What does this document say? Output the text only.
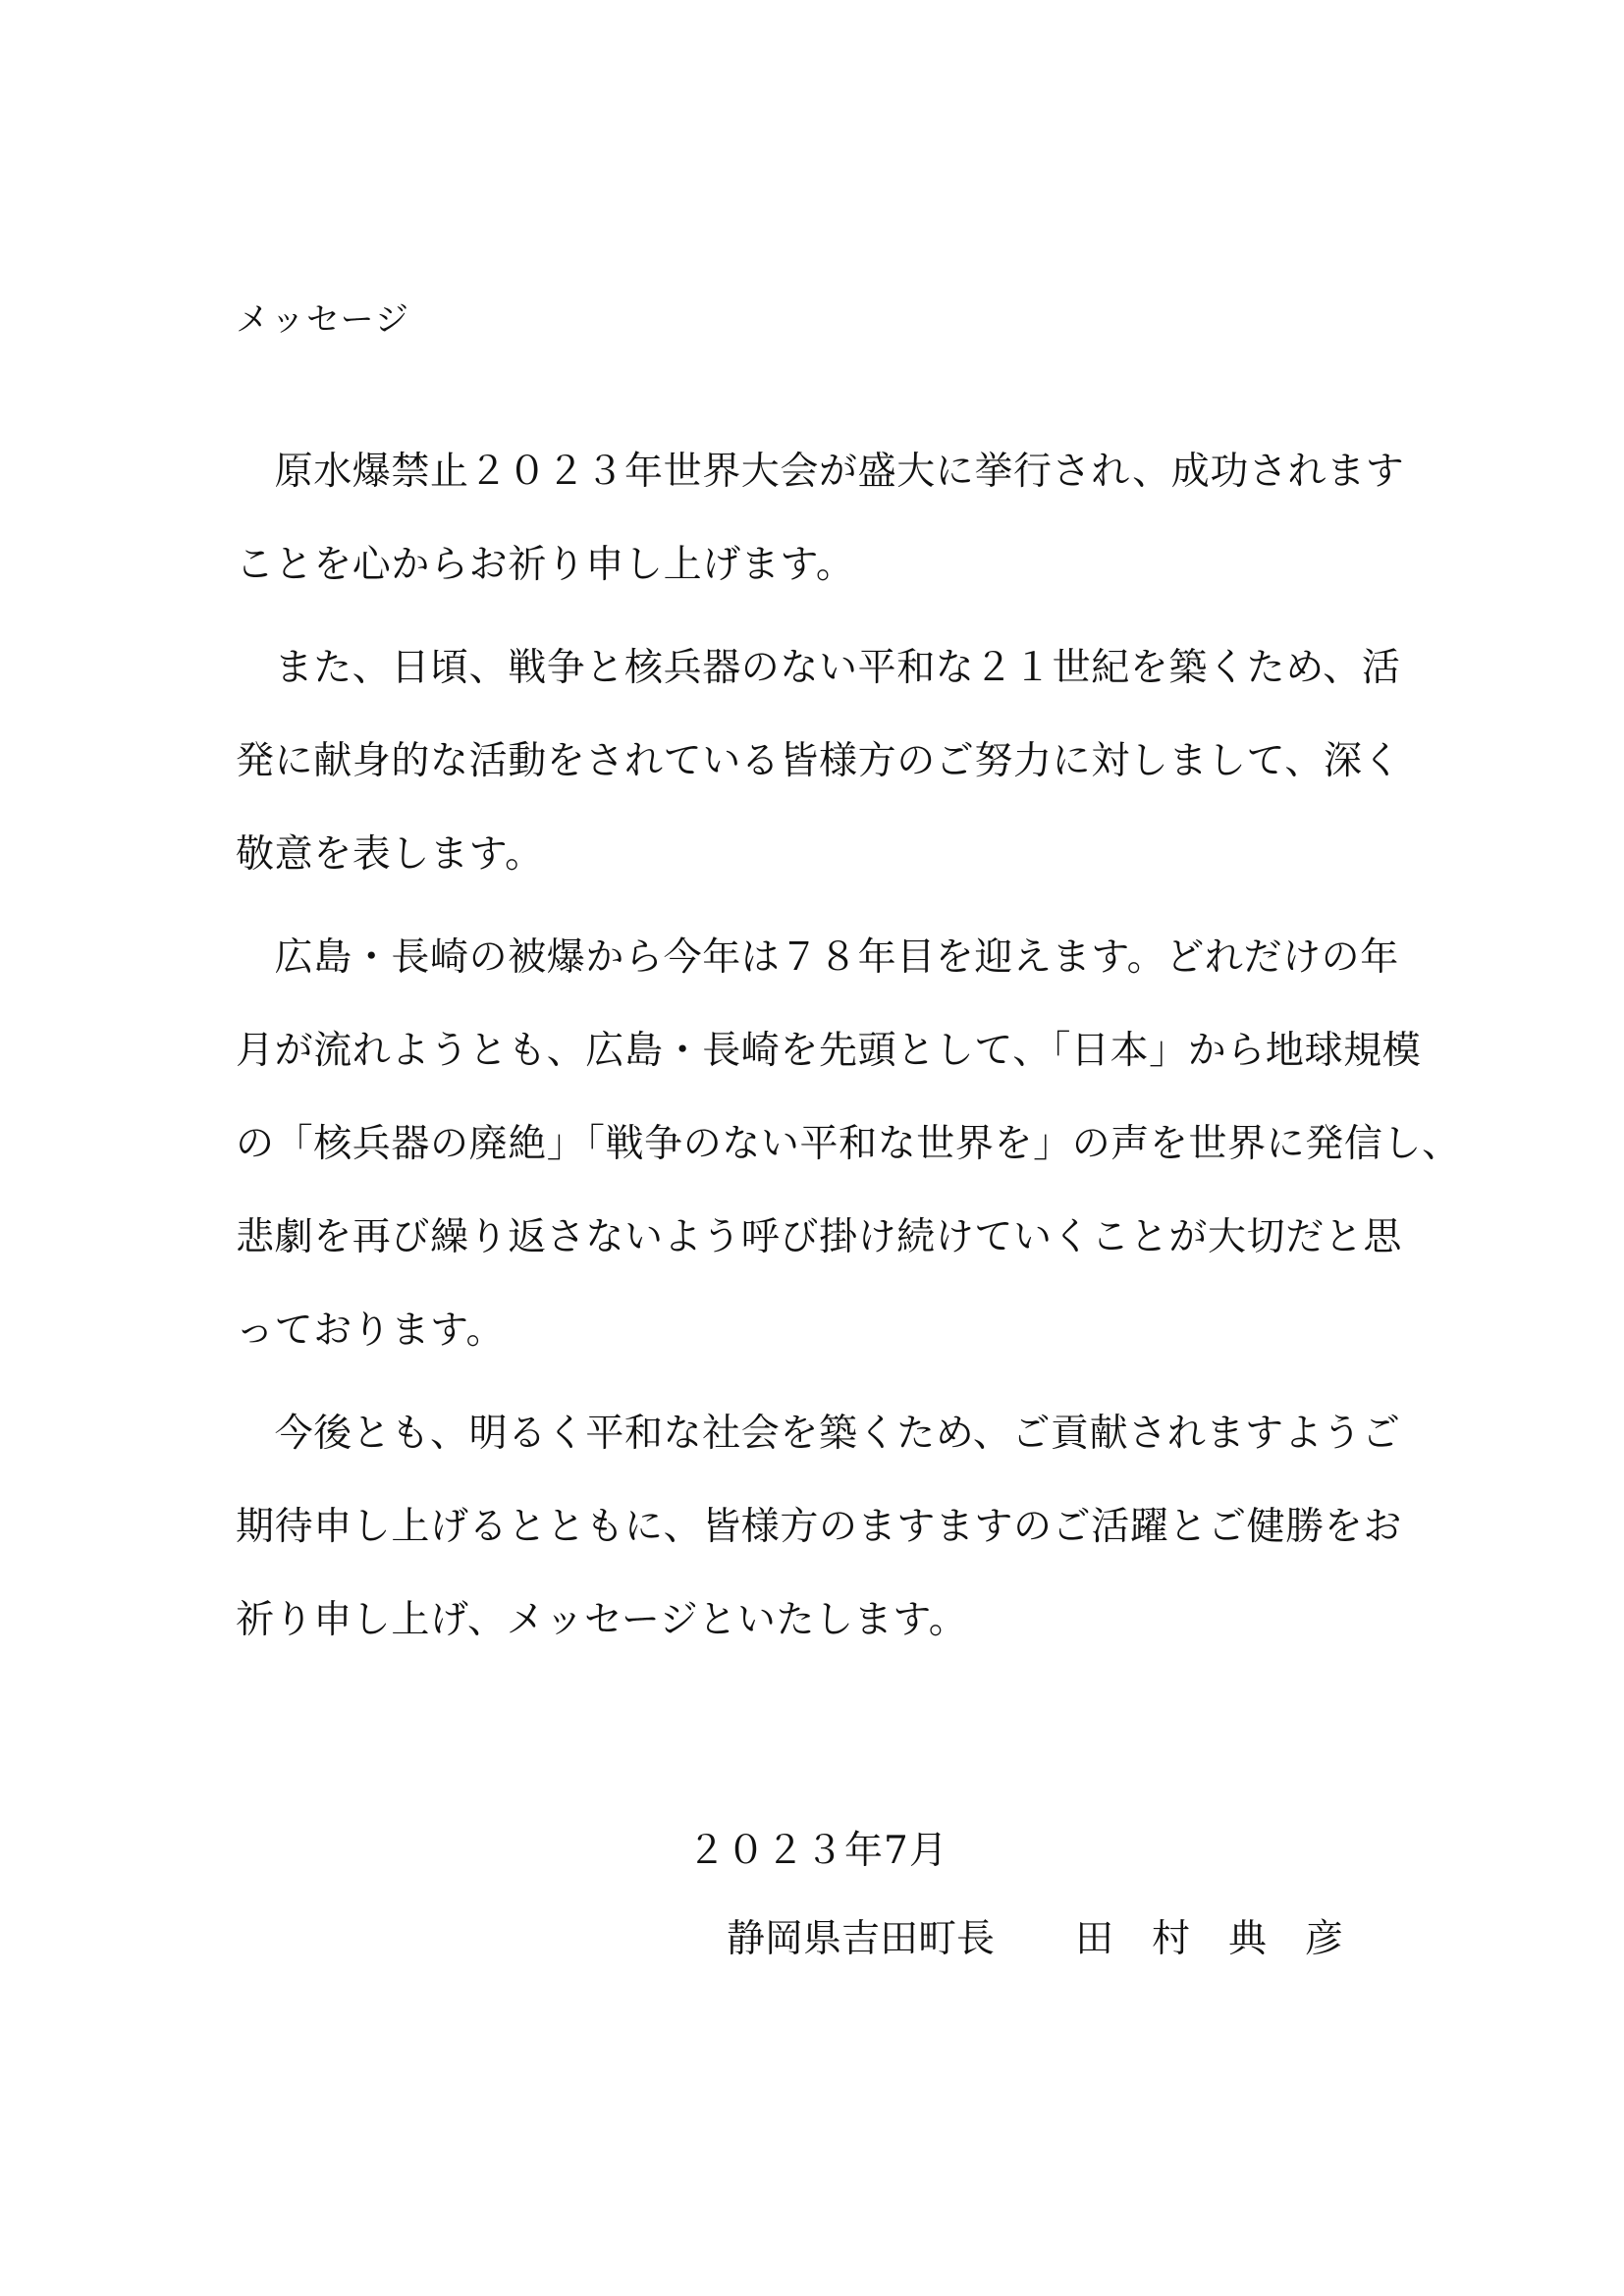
メッセージ
　原水爆禁止２０２３年世界大会が盛大に挙行され、成功されます
ことを心からお祈り申し上げます。
　また、日頃、戦争と核兵器のない平和な２１世紀を築くため、活
発に献身的な活動をされている皆様方のご努力に対しまして、深く
敬意を表します。
　広島・長崎の被爆から今年は７８年目を迎えます。どれだけの年
月が流れようとも、広島・長崎を先頭として、「日本」から地球規模
の「核兵器の廃絶」「戦争のない平和な世界を」の声を世界に発信し、
悲劇を再び繰り返さないよう呼び掛け続けていくことが大切だと思
っております。
　今後とも、明るく平和な社会を築くため、ご貢献されますようご
期待申し上げるとともに、皆様方のますますのご活躍とご健勝をお
祈り申し上げ、メッセージといたします。
２０２３年7月
静岡県吉田町長 田　村　典　彦
